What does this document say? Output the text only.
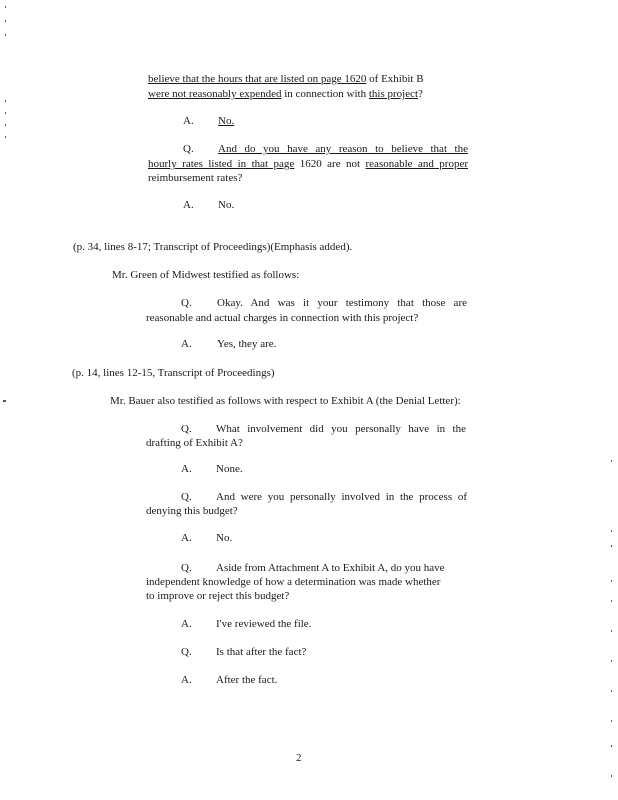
believe that the hours that are listed on page 1620 of Exhibit B
were not reasonably expended in connection with this project?
A. No.
Q. And do you have any reason to believe that the
hourly rates listed in that page 1620 are not reasonable and proper
reimbursement rates?
A. No.
(p. 34, lines 8-17; Transcript of Proceedings)(Emphasis added).
Mr. Green of Midwest testified as follows:
Q. Okay. And was it your testimony that those are
reasonable and actual charges in connection with this project?
A. Yes, they are.
(p. 14, lines 12-15, Transcript of Proceedings)
Mr. Bauer also testified as follows with respect to Exhibit A (the Denial Letter):
Q. What involvement did you personally have in the
drafting of Exhibit A?
A. None.
Q. And were you personally involved in the process of
denying this budget?
A. No.
Q. Aside from Attachment A to Exhibit A, do you have
independent knowledge of how a determination was made whether
to improve or reject this budget?
A. I've reviewed the file.
Q. Is that after the fact?
A. After the fact.
2
